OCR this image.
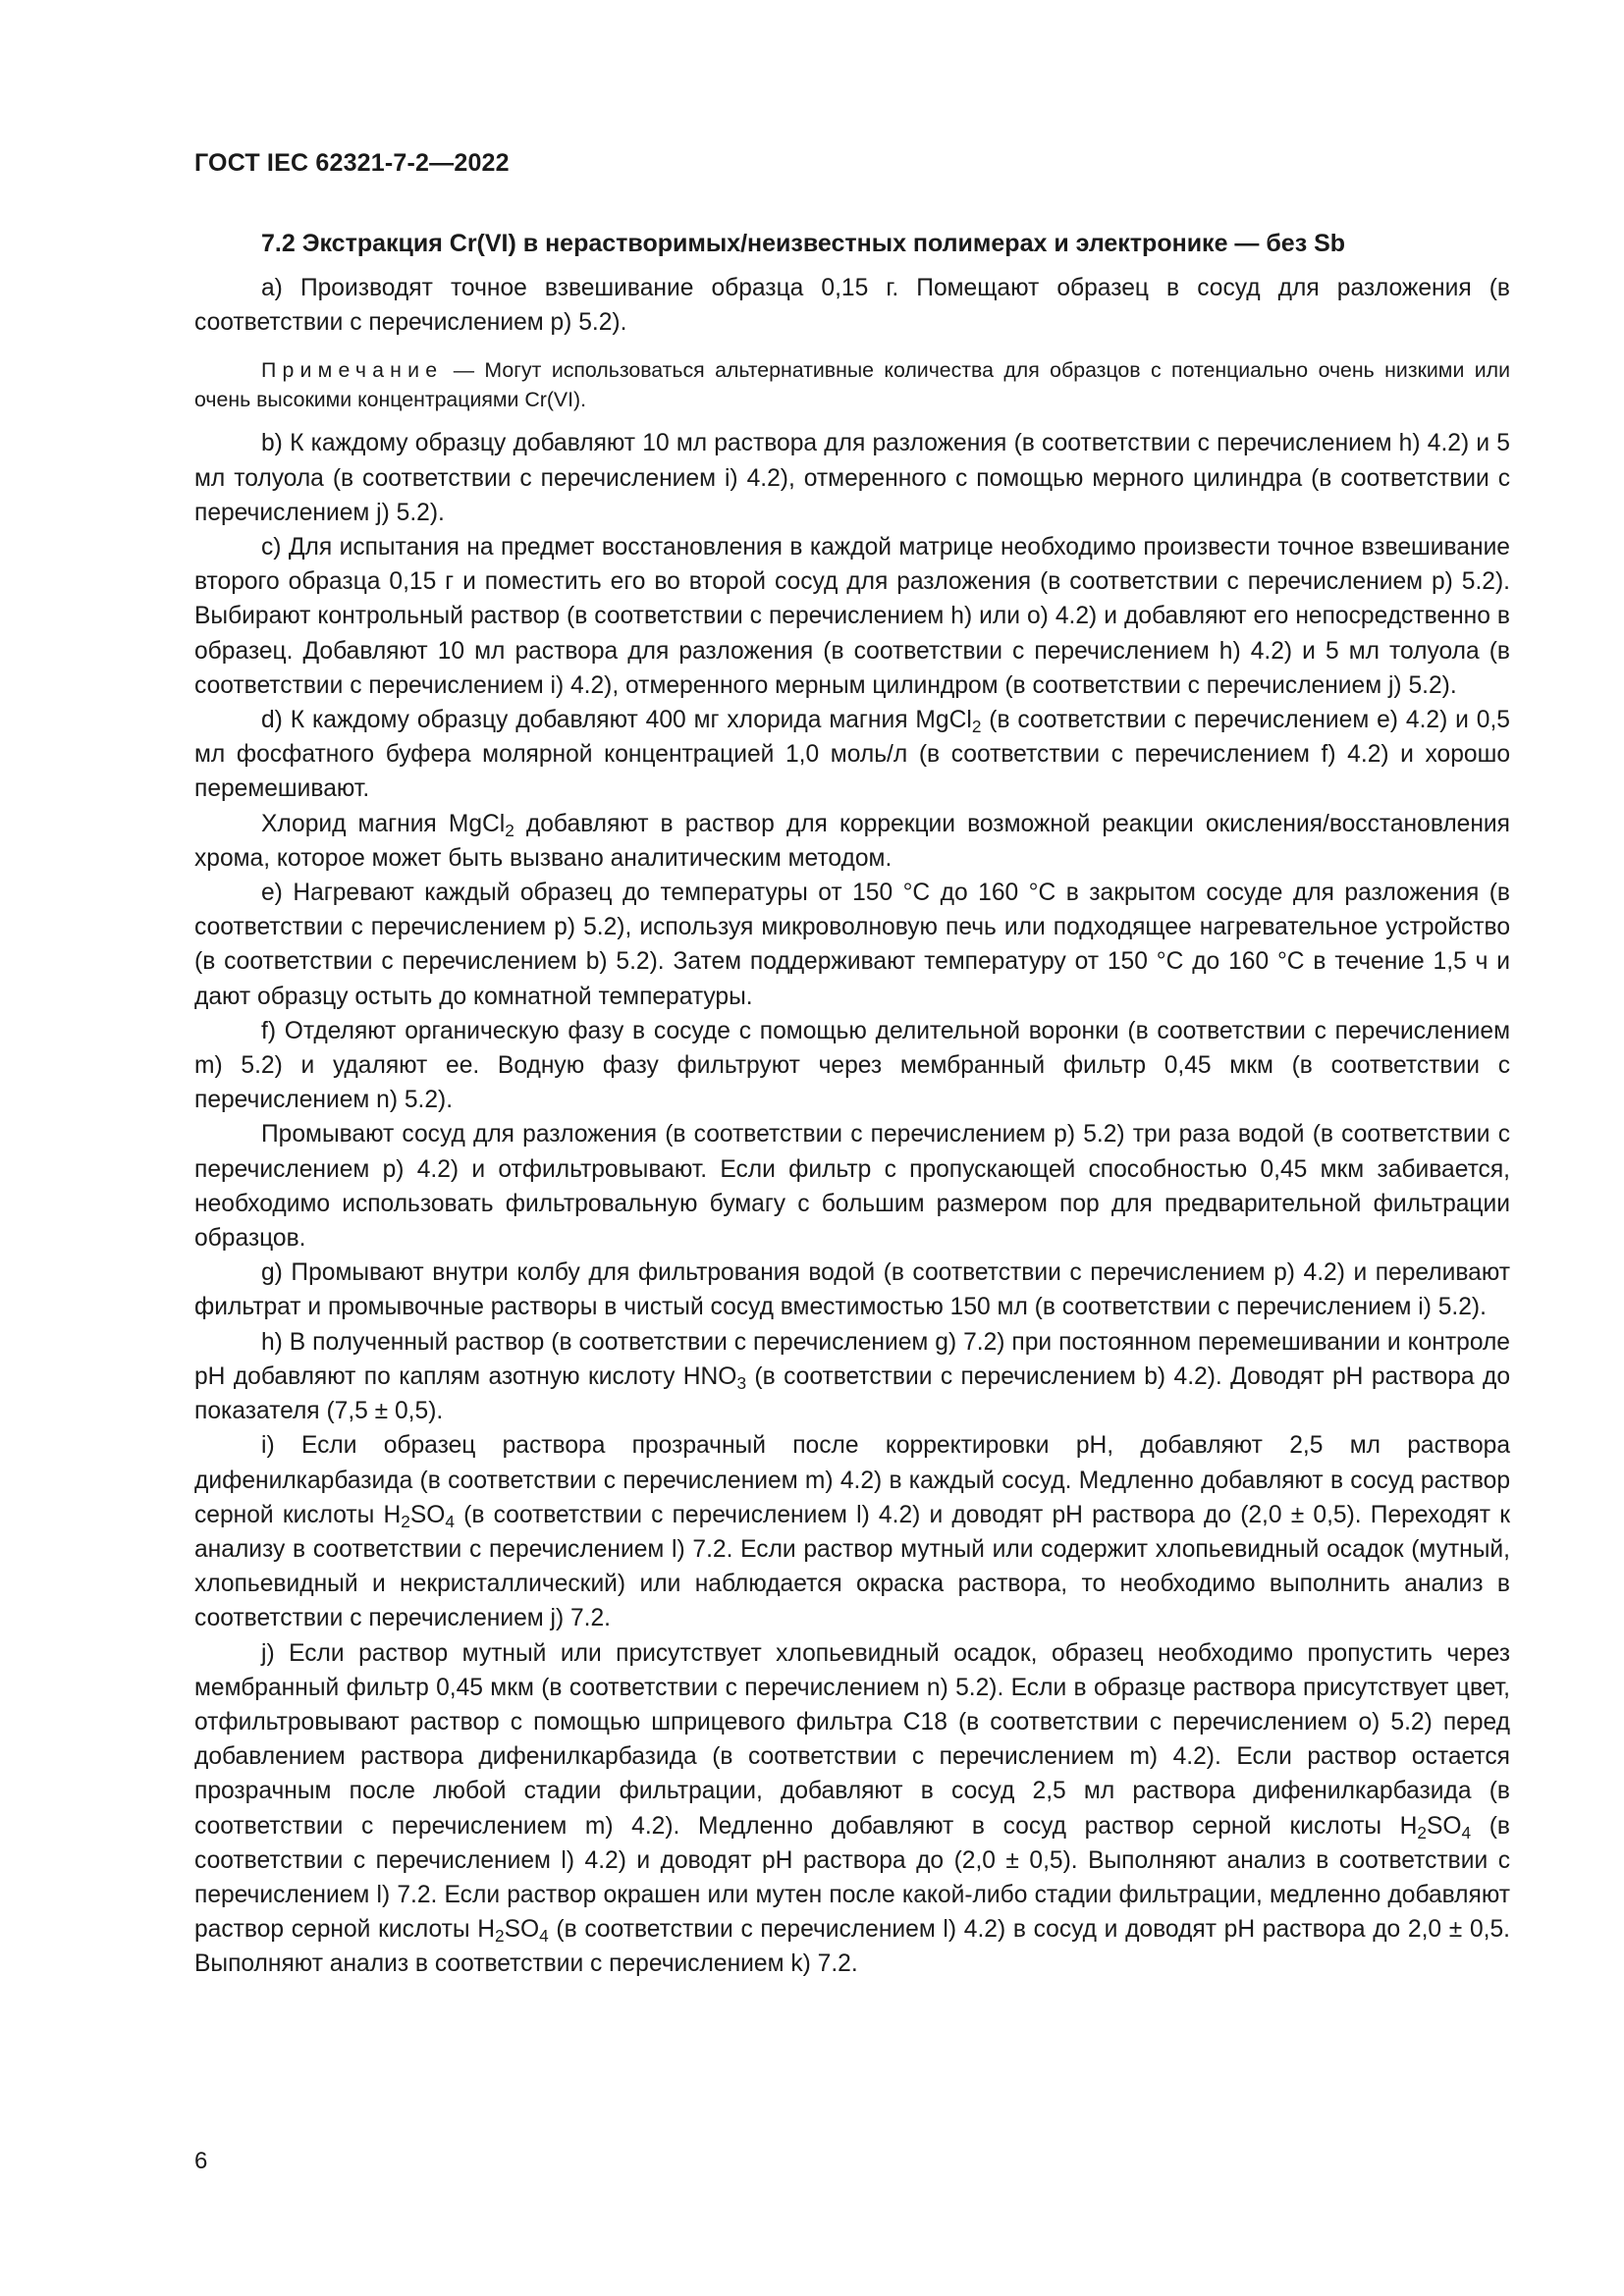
ГОСТ IEC 62321-7-2—2022
7.2 Экстракция Cr(VI) в нерастворимых/неизвестных полимерах и электронике — без Sb

a) Производят точное взвешивание образца 0,15 г. Помещают образец в сосуд для разложения (в соответствии с перечислением p) 5.2).

Примечание — Могут использоваться альтернативные количества для образцов с потенциально очень низкими или очень высокими концентрациями Cr(VI).

b) К каждому образцу добавляют 10 мл раствора для разложения (в соответствии с перечислением h) 4.2) и 5 мл толуола (в соответствии с перечислением i) 4.2), отмеренного с помощью мерного цилиндра (в соответствии с перечислением j) 5.2).

c) Для испытания на предмет восстановления в каждой матрице необходимо произвести точное взвешивание второго образца 0,15 г и поместить его во второй сосуд для разложения (в соответствии с перечислением p) 5.2). Выбирают контрольный раствор (в соответствии с перечислением h) или o) 4.2) и добавляют его непосредственно в образец. Добавляют 10 мл раствора для разложения (в соответствии с перечислением h) 4.2) и 5 мл толуола (в соответствии с перечислением i) 4.2), отмеренного мерным цилиндром (в соответствии с перечислением j) 5.2).

d) К каждому образцу добавляют 400 мг хлорида магния MgCl$_2$ (в соответствии с перечислением e) 4.2) и 0,5 мл фосфатного буфера молярной концентрацией 1,0 моль/л (в соответствии с перечислением f) 4.2) и хорошо перемешивают.

Хлорид магния MgCl$_2$ добавляют в раствор для коррекции возможной реакции окисления/восстановления хрома, которое может быть вызвано аналитическим методом.

e) Нагревают каждый образец до температуры от 150 °C до 160 °C в закрытом сосуде для разложения (в соответствии с перечислением p) 5.2), используя микроволновую печь или подходящее нагревательное устройство (в соответствии с перечислением b) 5.2). Затем поддерживают температуру от 150 °C до 160 °C в течение 1,5 ч и дают образцу остыть до комнатной температуры.

f) Отделяют органическую фазу в сосуде с помощью делительной воронки (в соответствии с перечислением m) 5.2) и удаляют ее. Водную фазу фильтруют через мембранный фильтр 0,45 мкм (в соответствии с перечислением n) 5.2).

Промывают сосуд для разложения (в соответствии с перечислением p) 5.2) три раза водой (в соответствии с перечислением p) 4.2) и отфильтровывают. Если фильтр с пропускающей способностью 0,45 мкм забивается, необходимо использовать фильтровальную бумагу с большим размером пор для предварительной фильтрации образцов.

g) Промывают внутри колбу для фильтрования водой (в соответствии с перечислением p) 4.2) и переливают фильтрат и промывочные растворы в чистый сосуд вместимостью 150 мл (в соответствии с перечислением i) 5.2).

h) В полученный раствор (в соответствии с перечислением g) 7.2) при постоянном перемешивании и контроле pH добавляют по каплям азотную кислоту $HNO_3$ (в соответствии с перечислением b) 4.2). Доводят pH раствора до показателя (7,5 ± 0,5).

i) Если образец раствора прозрачный после корректировки pH, добавляют 2,5 мл раствора дифенилкарбазида (в соответствии с перечислением m) 4.2) в каждый сосуд. Медленно добавляют в сосуд раствор серной кислоты $H_2SO_4$ (в соответствии с перечислением l) 4.2) и доводят pH раствора до (2,0 ± 0,5). Переходят к анализу в соответствии с перечислением l) 7.2. Если раствор мутный или содержит хлопьевидный осадок (мутный, хлопьевидный и некристаллический) или наблюдается окраска раствора, то необходимо выполнить анализ в соответствии с перечислением j) 7.2.

j) Если раствор мутный или присутствует хлопьевидный осадок, образец необходимо пропустить через мембранный фильтр 0,45 мкм (в соответствии с перечислением n) 5.2). Если в образце раствора присутствует цвет, отфильтровывают раствор с помощью шприцевого фильтра C18 (в соответствии с перечислением o) 5.2) перед добавлением раствора дифенилкарбазида (в соответствии с перечислением m) 4.2). Если раствор остается прозрачным после любой стадии фильтрации, добавляют в сосуд 2,5 мл раствора дифенилкарбазида (в соответствии с перечислением m) 4.2). Медленно добавляют в сосуд раствор серной кислоты $H_2SO_4$ (в соответствии с перечислением l) 4.2) и доводят pH раствора до (2,0 ± 0,5). Выполняют анализ в соответствии с перечислением l) 7.2. Если раствор окрашен или мутен после какой-либо стадии фильтрации, медленно добавляют раствор серной кислоты $H_2SO_4$ (в соответствии с перечислением l) 4.2) в сосуд и доводят pH раствора до 2,0 ± 0,5. Выполняют анализ в соответствии с перечислением k) 7.2.

6
